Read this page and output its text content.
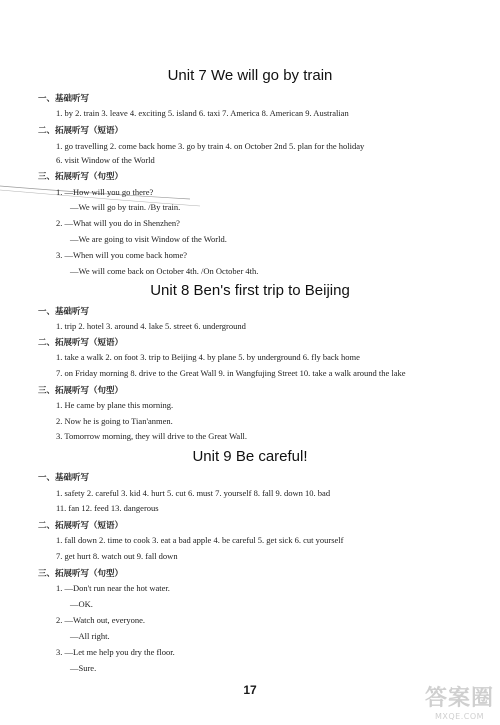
Unit 7 We will go by train
一、基础听写
1. by 2. train 3. leave 4. exciting 5. island 6. taxi 7. America 8. American 9. Australian
二、拓展听写（短语）
1. go travelling 2. come back home 3. go by train 4. on October 2nd 5. plan for the holiday
6. visit Window of the World
三、拓展听写（句型）
1. —How will you go there?
—We will go by train. /By train.
2. —What will you do in Shenzhen?
—We are going to visit Window of the World.
3. —When will you come back home?
—We will come back on October 4th. /On October 4th.
Unit 8 Ben's first trip to Beijing
一、基础听写
1. trip 2. hotel 3. around 4. lake 5. street 6. underground
二、拓展听写（短语）
1. take a walk 2. on foot 3. trip to Beijing 4. by plane 5. by underground 6. fly back home
7. on Friday morning 8. drive to the Great Wall 9. in Wangfujing Street 10. take a walk around the lake
三、拓展听写（句型）
1. He came by plane this morning.
2. Now he is going to Tian'anmen.
3. Tomorrow morning, they will drive to the Great Wall.
Unit 9 Be careful!
一、基础听写
1. safety 2. careful 3. kid 4. hurt 5. cut 6. must 7. yourself 8. fall 9. down 10. bad
11. fan 12. feed 13. dangerous
二、拓展听写（短语）
1. fall down 2. time to cook 3. eat a bad apple 4. be careful 5. get sick 6. cut yourself
7. get hurt 8. watch out 9. fall down
三、拓展听写（句型）
1. —Don't run near the hot water.
—OK.
2. —Watch out, everyone.
—All right.
3. —Let me help you dry the floor.
—Sure.
17	答案圈
MXQE.COM
